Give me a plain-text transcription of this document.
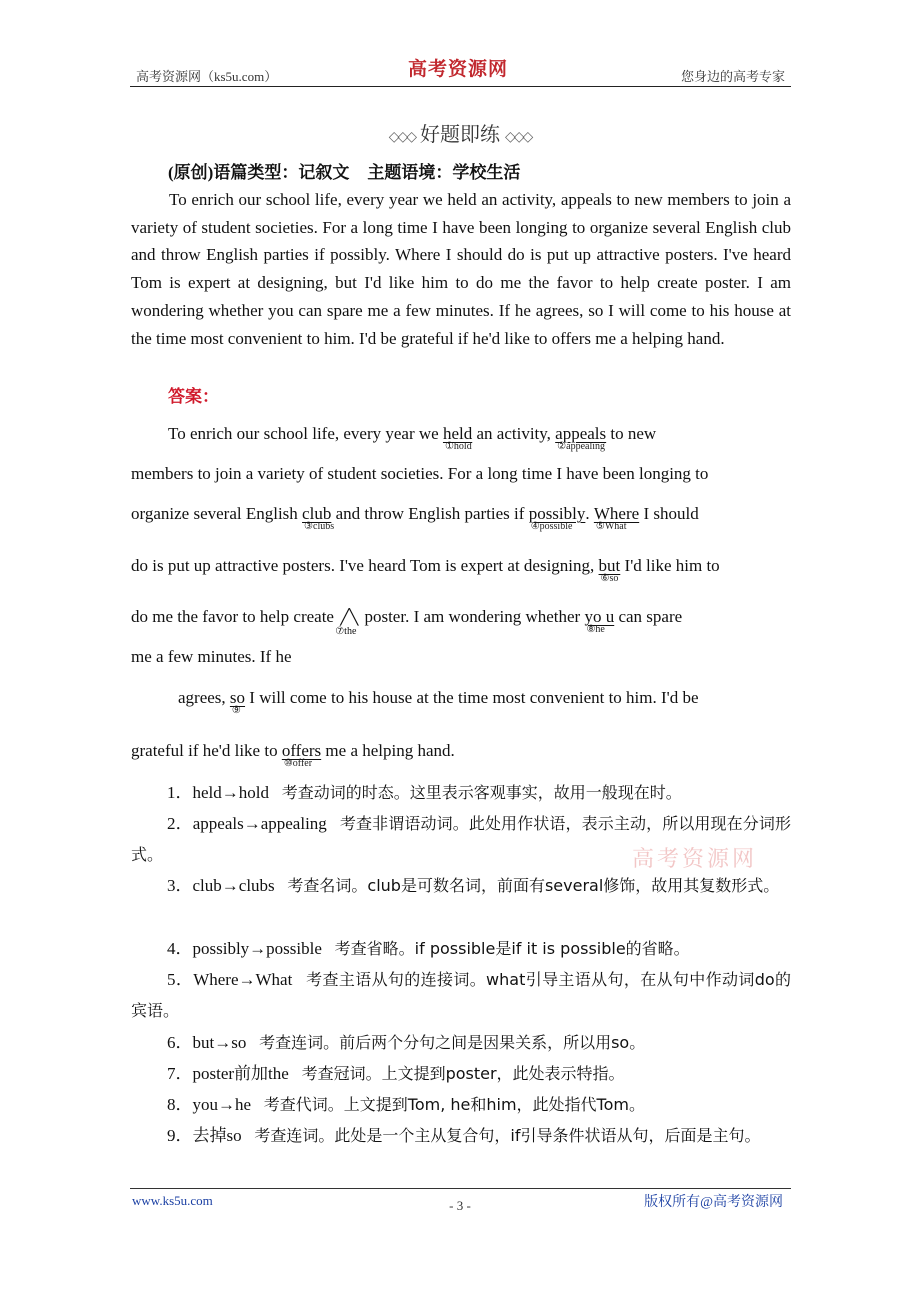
高考资源网（ks5u.com）	高考资源网	您身边的高考专家
◇◇◇ 好题即练 ◇◇◇
(原创)语篇类型：记叙文 主题语境：学校生活
To enrich our school life, every year we held an activity, appeals to new members to join a variety of student societies. For a long time I have been longing to organize several English club and throw English parties if possibly. Where I should do is put up attractive posters. I've heard Tom is expert at designing, but I'd like him to do me the favor to help create poster. I am wondering whether you can spare me a few minutes. If he agrees, so I will come to his house at the time most convenient to him. I'd be grateful if he'd like to offers me a helping hand.
答案：
To enrich our school life, every year we held
①hold
an activity, appeals
②appealing
to new
members to join a variety of student societies. For a long time I have been longing to
organize several English club
③clubs
and throw English parties if possibly
④possible
. Where
⑤What
I should
do is put up attractive posters. I've heard Tom is expert at designing, but
⑥so
I'd like him to
do me the favor to help create ╱╲
⑦the
poster. I am wondering whether yo u
⑧he
can spare
me a few minutes. If he
agrees, so
⑨
I will come to his house at the time most convenient to him. I'd be
grateful if he'd like to offers
⑩offer
me a helping hand.
1．held→hold 考查动词的时态。这里表示客观事实，故用一般现在时。
2．appeals→appealing 考查非谓语动词。此处用作状语，表示主动，所以用现在分词形式。
3．club→clubs 考查名词。club是可数名词，前面有several修饰，故用其复数形式。
4．possibly→possible 考查省略。if possible是if it is possible的省略。
5．Where→What 考查主语从句的连接词。what引导主语从句，在从句中作动词do的宾语。
6．but→so 考查连词。前后两个分句之间是因果关系，所以用so。
7．poster前加the 考查冠词。上文提到poster，此处表示特指。
8．you→he 考查代词。上文提到Tom, he和him，此处指代Tom。
9．去掉so 考查连词。此处是一个主从复合句，if引导条件状语从句，后面是主句。
高考资源网
www.ks5u.com	版权所有@高考资源网
- 3 -
